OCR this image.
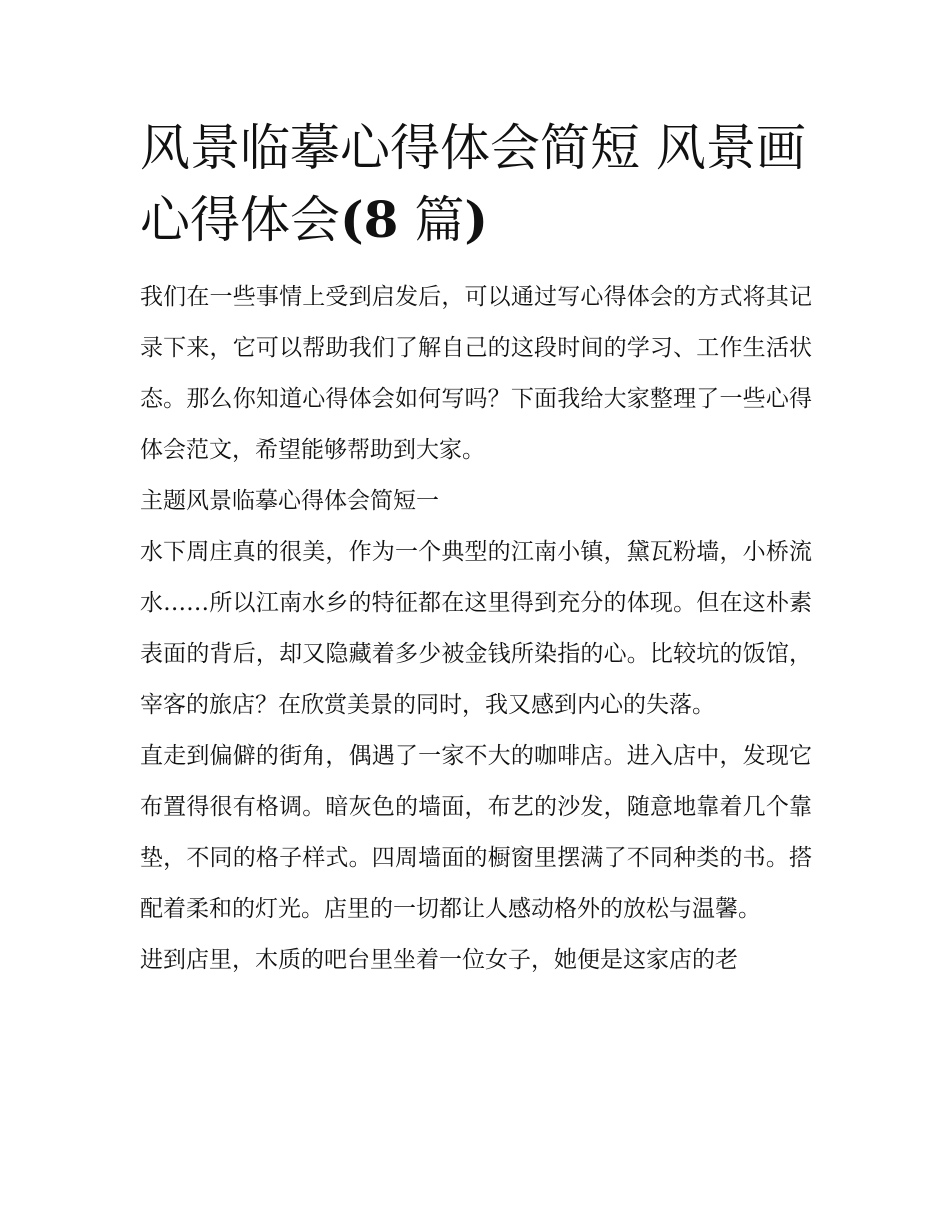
风景临摹心得体会简短 风景画心得体会(8 篇)

我们在一些事情上受到启发后，可以通过写心得体会的方式将其记录下来，它可以帮助我们了解自己的这段时间的学习、工作生活状态。那么你知道心得体会如何写吗？下面我给大家整理了一些心得体会范文，希望能够帮助到大家。

主题风景临摹心得体会简短一

水下周庄真的很美，作为一个典型的江南小镇，黛瓦粉墙，小桥流水……所以江南水乡的特征都在这里得到充分的体现。但在这朴素表面的背后，却又隐藏着多少被金钱所染指的心。比较坑的饭馆，宰客的旅店？在欣赏美景的同时，我又感到内心的失落。

直走到偏僻的街角，偶遇了一家不大的咖啡店。进入店中，发现它布置得很有格调。暗灰色的墙面，布艺的沙发，随意地靠着几个靠垫，不同的格子样式。四周墙面的橱窗里摆满了不同种类的书。搭配着柔和的灯光。店里的一切都让人感动格外的放松与温馨。

进到店里，木质的吧台里坐着一位女子，她便是这家店的老
